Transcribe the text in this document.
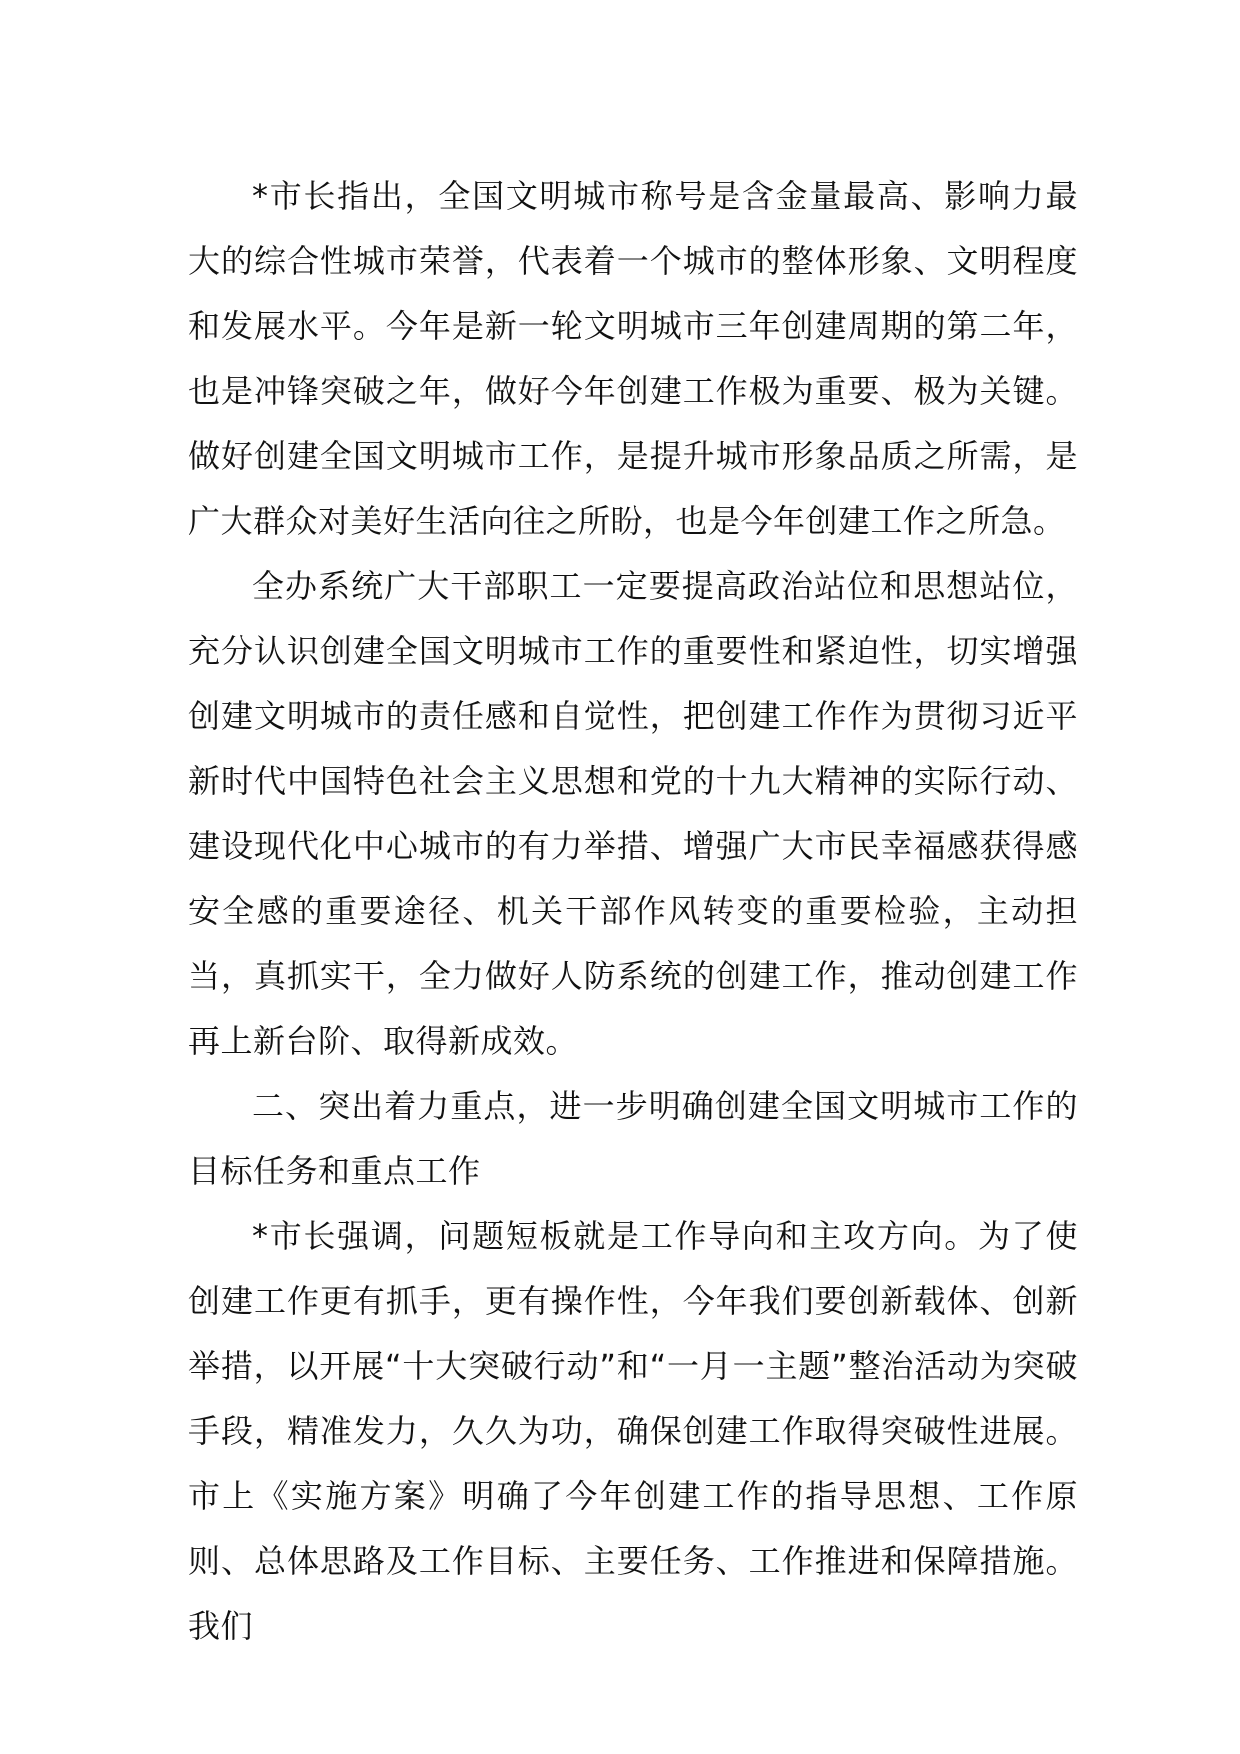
*市长指出，全国文明城市称号是含金量最高、影响力最大的综合性城市荣誉，代表着一个城市的整体形象、文明程度和发展水平。今年是新一轮文明城市三年创建周期的第二年，也是冲锋突破之年，做好今年创建工作极为重要、极为关键。做好创建全国文明城市工作，是提升城市形象品质之所需，是广大群众对美好生活向往之所盼，也是今年创建工作之所急。

全办系统广大干部职工一定要提高政治站位和思想站位，充分认识创建全国文明城市工作的重要性和紧迫性，切实增强创建文明城市的责任感和自觉性，把创建工作作为贯彻习近平新时代中国特色社会主义思想和党的十九大精神的实际行动、建设现代化中心城市的有力举措、增强广大市民幸福感获得感安全感的重要途径、机关干部作风转变的重要检验，主动担当，真抓实干，全力做好人防系统的创建工作，推动创建工作再上新台阶、取得新成效。

二、突出着力重点，进一步明确创建全国文明城市工作的目标任务和重点工作

*市长强调，问题短板就是工作导向和主攻方向。为了使创建工作更有抓手，更有操作性，今年我们要创新载体、创新举措，以开展“十大突破行动”和“一月一主题”整治活动为突破手段，精准发力，久久为功，确保创建工作取得突破性进展。市上《实施方案》明确了今年创建工作的指导思想、工作原则、总体思路及工作目标、主要任务、工作推进和保障措施。我们
